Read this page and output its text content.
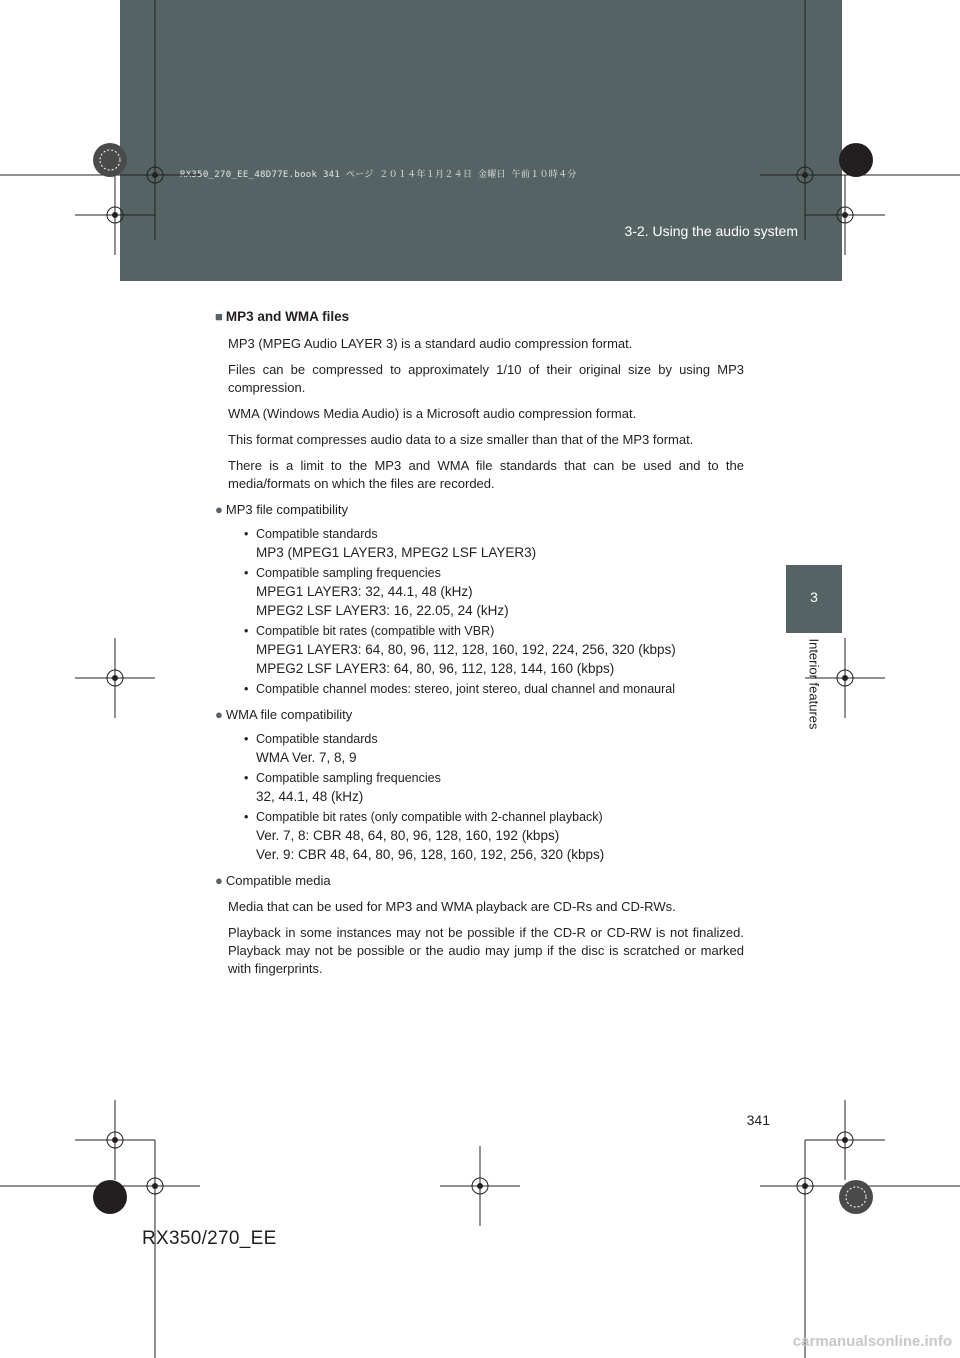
RX350_270_EE_48D77E.book 341 ページ ２０１４年１月２４日 金曜日 午前１０時４分
3-2. Using the audio system
3
Interior features
■ MP3 and WMA files
MP3 (MPEG Audio LAYER 3) is a standard audio compression format.
Files can be compressed to approximately 1/10 of their original size by using MP3 compression.
WMA (Windows Media Audio) is a Microsoft audio compression format.
This format compresses audio data to a size smaller than that of the MP3 format.
There is a limit to the MP3 and WMA file standards that can be used and to the media/formats on which the files are recorded.
● MP3 file compatibility
• Compatible standards
MP3 (MPEG1 LAYER3, MPEG2 LSF LAYER3)
• Compatible sampling frequencies
MPEG1 LAYER3: 32, 44.1, 48 (kHz)
MPEG2 LSF LAYER3: 16, 22.05, 24 (kHz)
• Compatible bit rates (compatible with VBR)
MPEG1 LAYER3: 64, 80, 96, 112, 128, 160, 192, 224, 256, 320 (kbps)
MPEG2 LSF LAYER3: 64, 80, 96, 112, 128, 144, 160 (kbps)
• Compatible channel modes: stereo, joint stereo, dual channel and monaural
● WMA file compatibility
• Compatible standards
WMA Ver. 7, 8, 9
• Compatible sampling frequencies
32, 44.1, 48 (kHz)
• Compatible bit rates (only compatible with 2-channel playback)
Ver. 7, 8: CBR 48, 64, 80, 96, 128, 160, 192 (kbps)
Ver. 9: CBR 48, 64, 80, 96, 128, 160, 192, 256, 320 (kbps)
● Compatible media
Media that can be used for MP3 and WMA playback are CD-Rs and CD-RWs.
Playback in some instances may not be possible if the CD-R or CD-RW is not finalized. Playback may not be possible or the audio may jump if the disc is scratched or marked with fingerprints.
341
RX350/270_EE
carmanualsonline.info
